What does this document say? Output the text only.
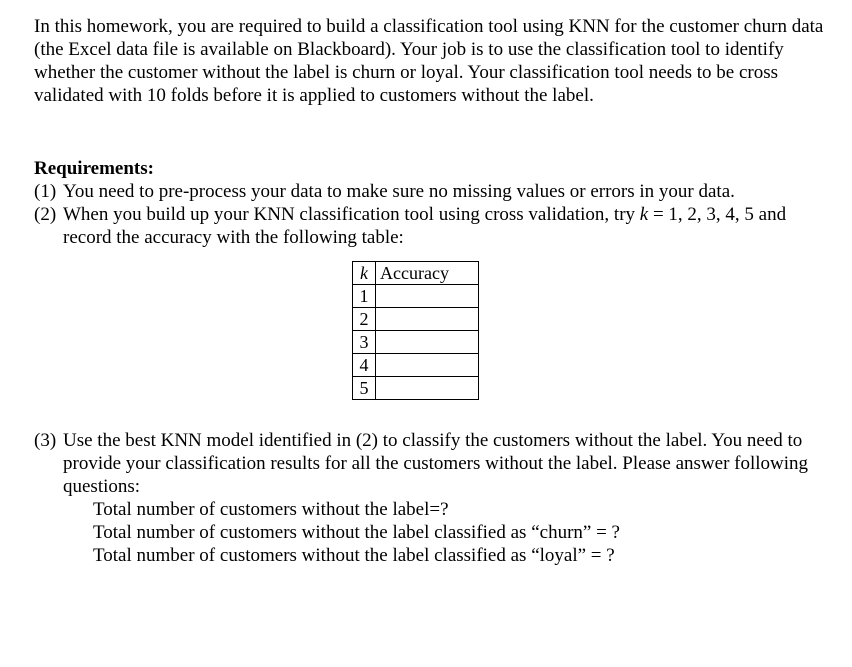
In this homework, you are required to build a classification tool using KNN for the customer churn data (the Excel data file is available on Blackboard). Your job is to use the classification tool to identify whether the customer without the label is churn or loyal. Your classification tool needs to be cross validated with 10 folds before it is applied to customers without the label.

Requirements:

(1) You need to pre-process your data to make sure no missing values or errors in your data.

(2) When you build up your KNN classification tool using cross validation, try k = 1, 2, 3, 4, 5 and record the accuracy with the following table:

k	Accuracy
1	
2	
3	
4	
5	

(3) Use the best KNN model identified in (2) to classify the customers without the label. You need to provide your classification results for all the customers without the label. Please answer following questions:

Total number of customers without the label=?

Total number of customers without the label classified as “churn” = ?

Total number of customers without the label classified as “loyal” = ?
